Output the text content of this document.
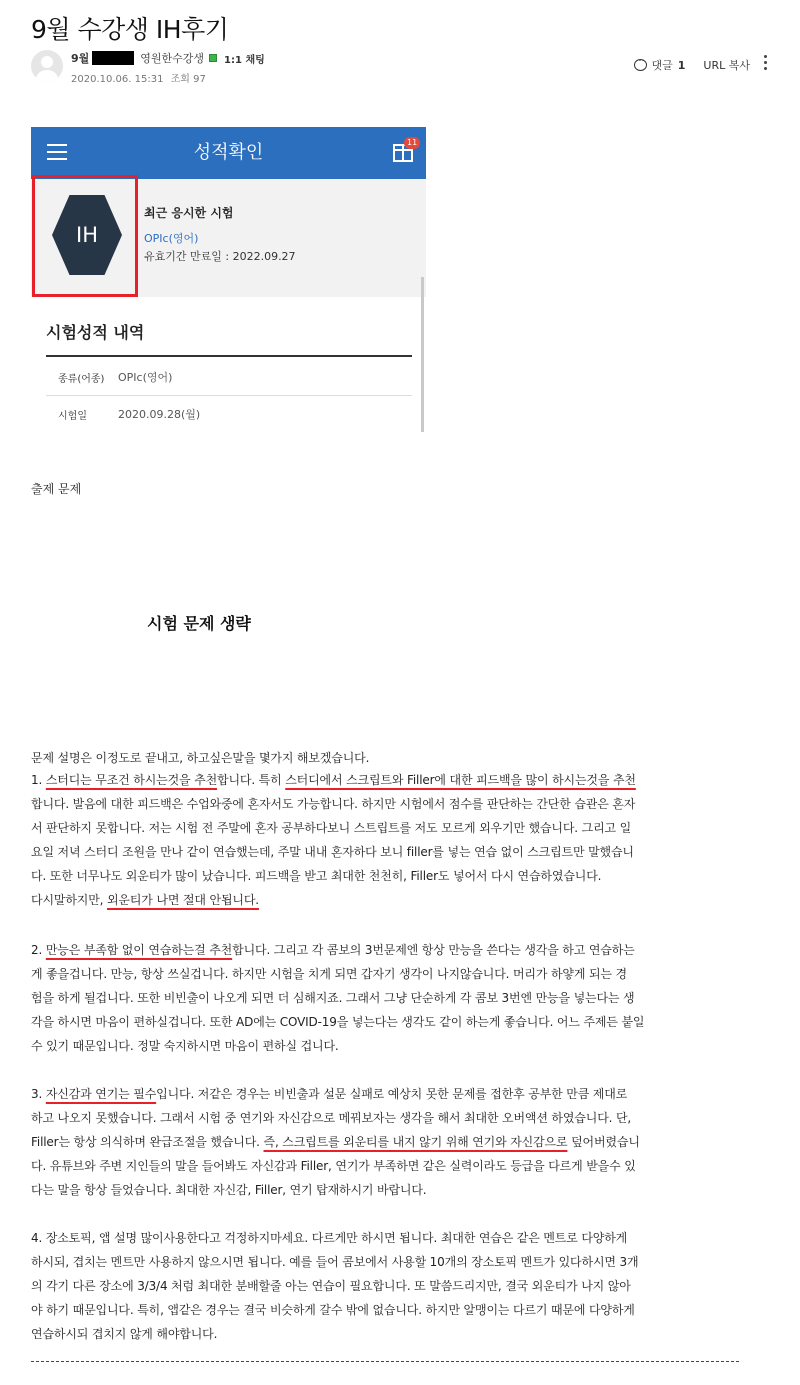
9월 수강생 IH후기
9월	영원한수강생 1:1 채팅
2020.10.06. 15:31 조회 97
…
댓글 1 URL 복사
성적확인	11
IH
최근 응시한 시험
OPIc(영어)
유효기간 만료일 : 2022.09.27
시험성적 내역
종류(어종) OPIc(영어)
시험일	2020.09.28(월)
출제 문제
시험 문제 생략
문제 설명은 이정도로 끝내고, 하고싶은말을 몇가지 해보겠습니다.
1. 스터디는 무조건 하시는것을 추천합니다. 특히 스터디에서 스크립트와 Filler에 대한 피드백을 많이 하시는것을 추천
합니다. 발음에 대한 피드백은 수업와중에 혼자서도 가능합니다. 하지만 시험에서 점수를 판단하는 간단한 습관은 혼자
서 판단하지 못합니다. 저는 시험 전 주말에 혼자 공부하다보니 스트립트를 저도 모르게 외우기만 했습니다. 그리고 일
요일 저녁 스터디 조원을 만나 같이 연습했는데, 주말 내내 혼자하다 보니 filler를 넣는 연습 없이 스크립트만 말했습니
다. 또한 너무나도 외운티가 많이 났습니다. 피드백을 받고 최대한 천천히, Filler도 넣어서 다시 연습하였습니다.
다시말하지만, 외운티가 나면 절대 안됩니다.
2. 만능은 부족함 없이 연습하는걸 추천합니다. 그리고 각 콤보의 3번문제엔 항상 만능을 쓴다는 생각을 하고 연습하는
게 좋을겁니다. 만능, 항상 쓰실겁니다. 하지만 시험을 치게 되면 갑자기 생각이 나지않습니다. 머리가 하얗게 되는 경
험을 하게 될겁니다. 또한 비빈출이 나오게 되면 더 심해지죠. 그래서 그냥 단순하게 각 콤보 3번엔 만능을 넣는다는 생
각을 하시면 마음이 편하실겁니다. 또한 AD에는 COVID-19을 넣는다는 생각도 같이 하는게 좋습니다. 어느 주제든 붙일
수 있기 때문입니다. 정말 숙지하시면 마음이 편하실 겁니다.
3. 자신감과 연기는 필수입니다. 저같은 경우는 비빈출과 설문 실패로 예상치 못한 문제를 접한후 공부한 만큼 제대로
하고 나오지 못했습니다. 그래서 시험 중 연기와 자신감으로 메꿔보자는 생각을 해서 최대한 오버액션 하였습니다. 단,
Filler는 항상 의식하며 완급조절을 했습니다. 즉, 스크립트를 외운티를 내지 않기 위해 연기와 자신감으로 덮어버렸습니
다. 유튜브와 주변 지인들의 말을 들어봐도 자신감과 Filler, 연기가 부족하면 같은 실력이라도 등급을 다르게 받을수 있
다는 말을 항상 들었습니다. 최대한 자신감, Filler, 연기 탑재하시기 바랍니다.
4. 장소토픽, 앱 설명 많이사용한다고 걱정하지마세요. 다르게만 하시면 됩니다. 최대한 연습은 같은 멘트로 다양하게
하시되, 겹치는 멘트만 사용하지 않으시면 됩니다. 예를 들어 콤보에서 사용할 10개의 장소토픽 멘트가 있다하시면 3개
의 각기 다른 장소에 3/3/4 처럼 최대한 분배할줄 아는 연습이 필요합니다. 또 말씀드리지만, 결국 외운티가 나지 않아
야 하기 때문입니다. 특히, 앱같은 경우는 결국 비슷하게 갈수 밖에 없습니다. 하지만 알맹이는 다르기 때문에 다양하게
연습하시되 겹치지 않게 해야합니다.
